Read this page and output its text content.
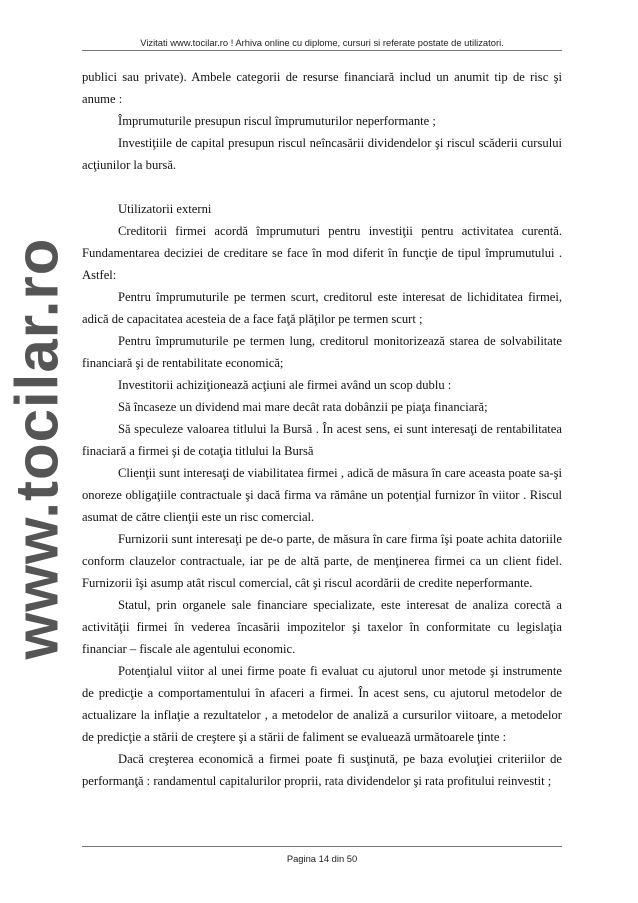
Vizitati www.tocilar.ro ! Arhiva online cu diplome, cursuri si referate postate de utilizatori.
www.tocilar.ro

publici sau private). Ambele categorii de resurse financiară includ un anumit tip de risc şi anume :

Împrumuturile presupun riscul împrumuturilor neperformante ;

Investiţiile de capital presupun riscul neîncasării dividendelor şi riscul scăderii cursului acţiunilor la bursă.

Utilizatorii externi

Creditorii firmei acordă împrumuturi pentru investiţii pentru activitatea curentă. Fundamentarea deciziei de creditare se face în mod diferit în funcţie de tipul împrumutului . Astfel:

Pentru împrumuturile pe termen scurt, creditorul este interesat de lichiditatea firmei, adică de capacitatea acesteia de a face faţă plăţilor pe termen scurt ;

Pentru împrumuturile pe termen lung, creditorul monitorizează starea de solvabilitate financiară şi de rentabilitate economică;

Investitorii achiziţionează acţiuni ale firmei având un scop dublu :

Să încaseze un dividend mai mare decât rata dobânzii pe piaţa financiară;

Să speculeze valoarea titlului la Bursă . În acest sens, ei sunt interesaţi de rentabilitatea finaciară a firmei şi de cotaţia titlului la Bursă

Clienţii sunt interesaţi de viabilitatea firmei , adică de măsura în care aceasta poate sa-şi onoreze obligaţiile contractuale şi dacă firma va rămâne un potenţial furnizor în viitor . Riscul asumat de către clienţii este un risc comercial.

Furnizorii sunt interesaţi pe de-o parte, de măsura în care firma îşi poate achita datoriile conform clauzelor contractuale, iar pe de altă parte, de menţinerea firmei ca un client fidel. Furnizorii îşi asump atât riscul comercial, cât şi riscul acordării de credite neperformante.

Statul, prin organele sale financiare specializate, este interesat de analiza corectă a activităţii firmei în vederea încasării impozitelor şi taxelor în conformitate cu legislaţia financiar – fiscale ale agentului economic.

Potenţialul viitor al unei firme poate fi evaluat cu ajutorul unor metode şi instrumente de predicţie a comportamentului în afaceri a firmei. În acest sens, cu ajutorul metodelor de actualizare la inflaţie a rezultatelor , a metodelor de analiză a cursurilor viitoare, a metodelor de predicţie a stării de creştere şi a stării de faliment se evaluează următoarele ţinte :

Dacă creşterea economică a firmei poate fi susţinută, pe baza evoluţiei criteriilor de performanţă : randamentul capitalurilor proprii, rata dividendelor şi rata profitului reinvestit ;

Pagina 14 din 50
